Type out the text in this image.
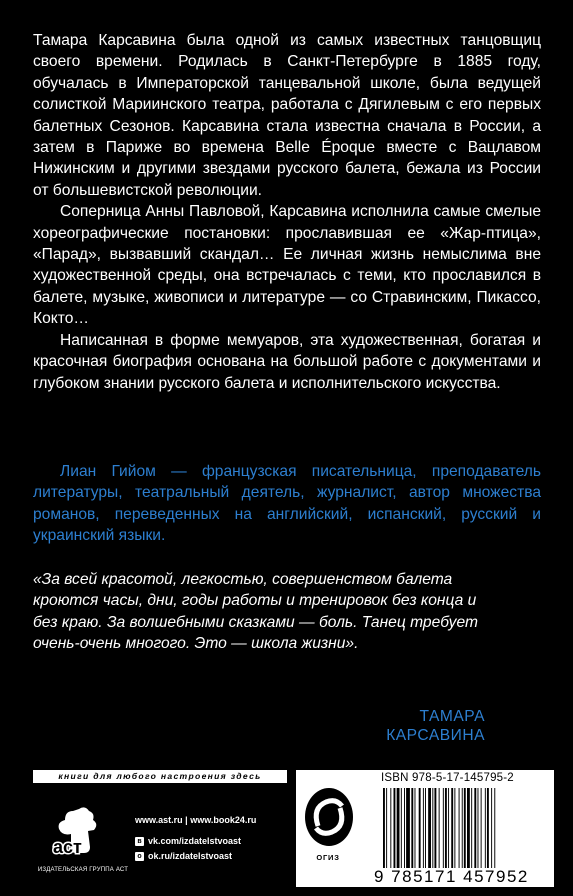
Тамара Карсавина была одной из самых известных танцовщиц своего времени. Родилась в Санкт-Петербурге в 1885 году, обучалась в Императорской танцевальной школе, была ведущей солисткой Мариинского театра, работала с Дягилевым с его первых балетных Сезонов. Карсавина стала известна сначала в России, а затем в Париже во времена Belle Époque вместе с Вацлавом Нижинским и другими звездами русского балета, бежала из России от большевистской революции.

Соперница Анны Павловой, Карсавина исполнила самые смелые хореографические постановки: прославившая ее «Жар-птица», «Парад», вызвавший скандал… Ее личная жизнь немыслима вне художественной среды, она встречалась с теми, кто прославился в балете, музыке, живописи и литературе — со Стравинским, Пикассо, Кокто…

Написанная в форме мемуаров, эта художественная, богатая и красочная биография основана на большой работе с документами и глубоком знании русского балета и исполнительского искусства.

Лиан Гийом — французская писательница, преподаватель литературы, театральный деятель, журналист, автор множества романов, переведенных на английский, испанский, русский и украинский языки.

«За всей красотой, легкостью, совершенством балета кроются часы, дни, годы работы и тренировок без конца и без краю. За волшебными сказками — боль. Танец требует очень-очень многого. Это — школа жизни».

ТАМАРА
КАРСАВИНА
книги для любого настроения здесь
аст
ИЗДАТЕЛЬСКАЯ ГРУППА АСТ
www.ast.ru | www.book24.ru
в vk.com/izdatelstvoast
о ok.ru/izdatelstvoast	ОГИЗ
ISBN 978-5-17-145795-2
9 785171 457952
